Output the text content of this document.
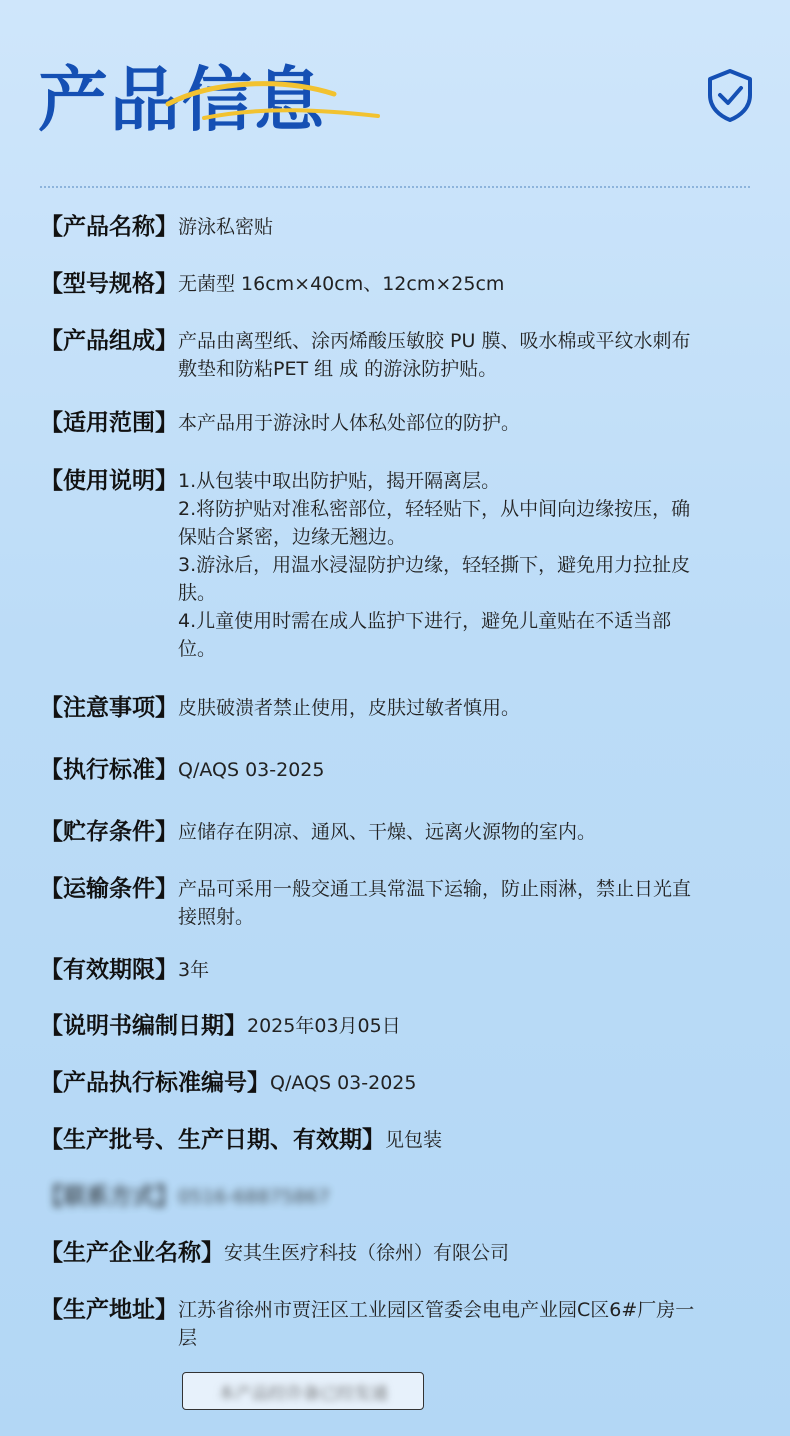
产品信息
【产品名称】 游泳私密贴
【型号规格】 无菌型 16cm×40cm、12cm×25cm
【产品组成】 产品由离型纸、涂丙烯酸压敏胶 PU 膜、吸水棉或平纹水刺布敷垫和防粘PET 组 成 的游泳防护贴。
【适用范围】 本产品用于游泳时人体私处部位的防护。
【使用说明】 1.从包装中取出防护贴，揭开隔离层。
2.将防护贴对准私密部位，轻轻贴下，从中间向边缘按压，确保贴合紧密，边缘无翘边。
3.游泳后，用温水浸湿防护边缘，轻轻撕下，避免用力拉扯皮肤。
4.儿童使用时需在成人监护下进行，避免儿童贴在不适当部位。
【注意事项】 皮肤破溃者禁止使用，皮肤过敏者慎用。
【执行标准】 Q/AQS 03-2025
【贮存条件】 应储存在阴凉、通风、干燥、远离火源物的室内。
【运输条件】 产品可采用一般交通工具常温下运输，防止雨淋，禁止日光直接照射。
【有效期限】 3年
【说明书编制日期】 2025年03月05日
【产品执行标准编号】 Q/AQS 03-2025
【生产批号、生产日期、有效期】 见包装
【联系方式】 0516-68875867
【生产企业名称】 安其生医疗科技（徐州）有限公司
【生产地址】 江苏省徐州市贾汪区工业园区管委会电电产业园C区6#厂房一层
本产品经许备已经发通
